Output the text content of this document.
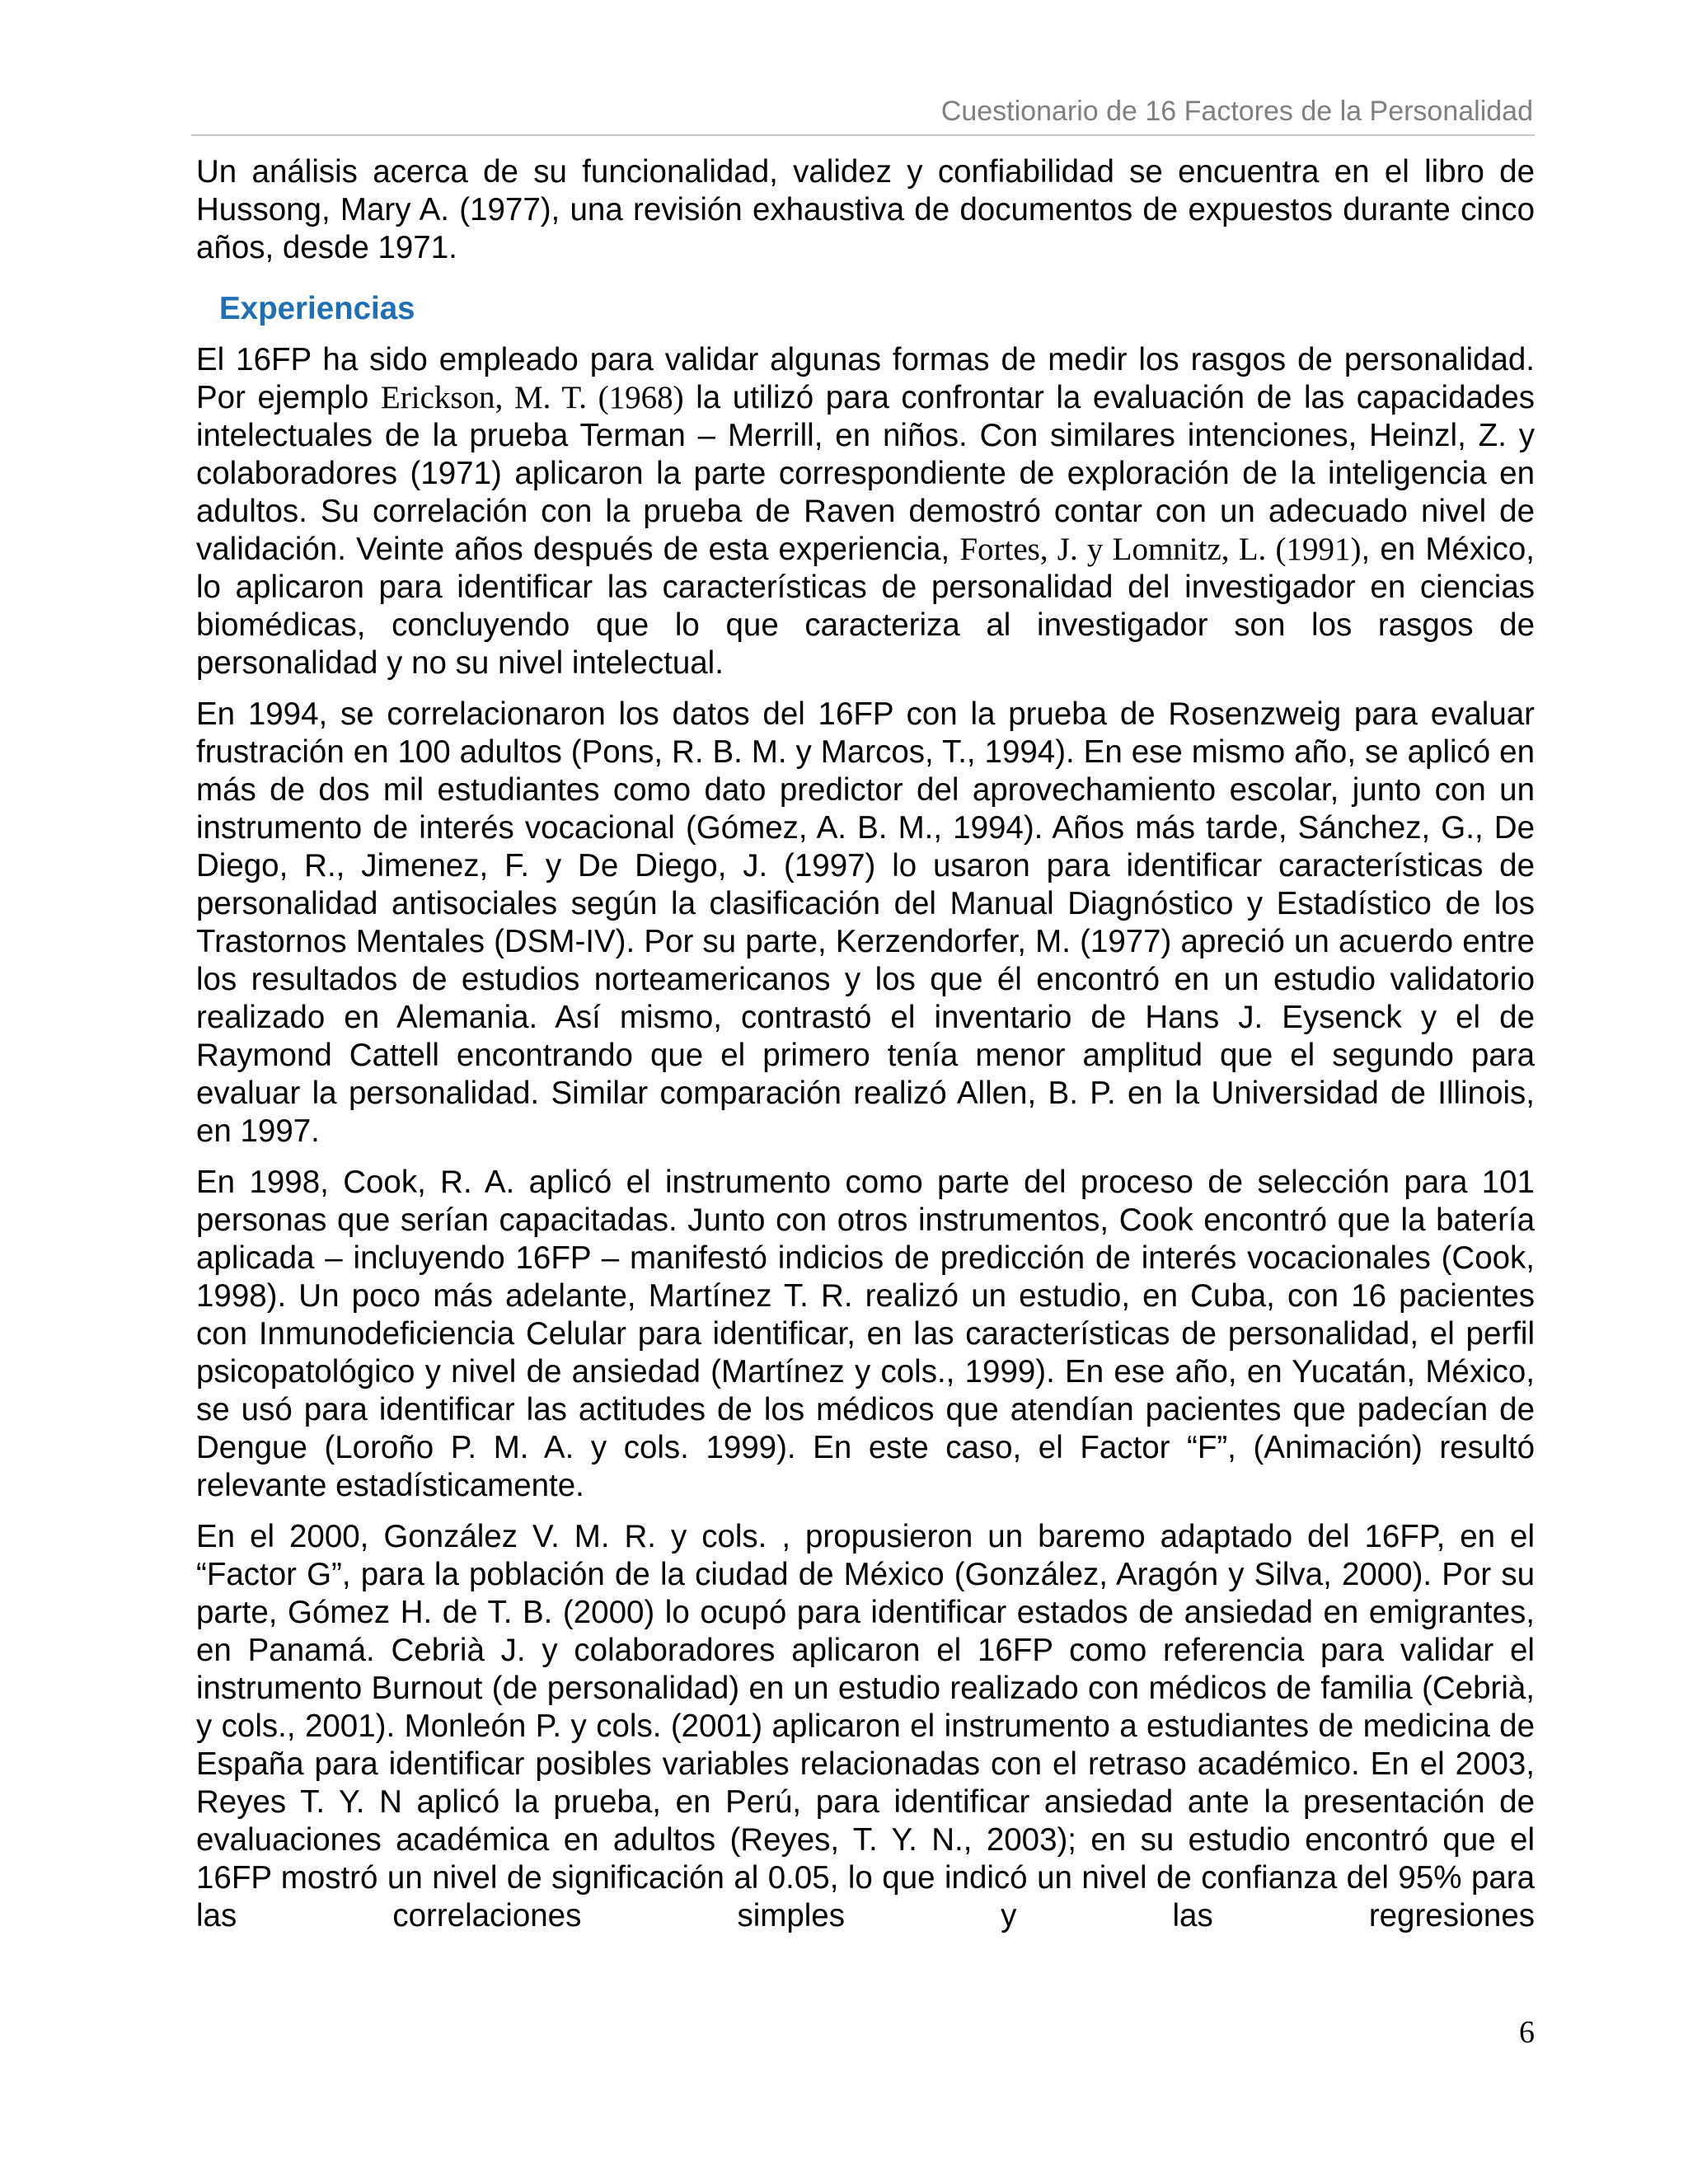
Cuestionario de 16 Factores de la Personalidad

Un análisis acerca de su funcionalidad, validez y confiabilidad se encuentra en el libro de Hussong, Mary A. (1977), una revisión exhaustiva de documentos de expuestos durante cinco años, desde 1971.

Experiencias

El 16FP ha sido empleado para validar algunas formas de medir los rasgos de personalidad. Por ejemplo Erickson, M. T. (1968) la utilizó para confrontar la evaluación de las capacidades intelectuales de la prueba Terman – Merrill, en niños. Con similares intenciones, Heinzl, Z. y colaboradores (1971) aplicaron la parte correspondiente de exploración de la inteligencia en adultos. Su correlación con la prueba de Raven demostró contar con un adecuado nivel de validación. Veinte años después de esta experiencia, Fortes, J. y Lomnitz, L. (1991), en México, lo aplicaron para identificar las características de personalidad del investigador en ciencias biomédicas, concluyendo que lo que caracteriza al investigador son los rasgos de personalidad y no su nivel intelectual.

En 1994, se correlacionaron los datos del 16FP con la prueba de Rosenzweig para evaluar frustración en 100 adultos (Pons, R. B. M. y Marcos, T., 1994). En ese mismo año, se aplicó en más de dos mil estudiantes como dato predictor del aprovechamiento escolar, junto con un instrumento de interés vocacional (Gómez, A. B. M., 1994). Años más tarde, Sánchez, G., De Diego, R., Jimenez, F. y De Diego, J. (1997) lo usaron para identificar características de personalidad antisociales según la clasificación del Manual Diagnóstico y Estadístico de los Trastornos Mentales (DSM-IV). Por su parte, Kerzendorfer, M. (1977) apreció un acuerdo entre los resultados de estudios norteamericanos y los que él encontró en un estudio validatorio realizado en Alemania. Así mismo, contrastó el inventario de Hans J. Eysenck y el de Raymond Cattell encontrando que el primero tenía menor amplitud que el segundo para evaluar la personalidad. Similar comparación realizó Allen, B. P. en la Universidad de Illinois, en 1997.

En 1998, Cook, R. A. aplicó el instrumento como parte del proceso de selección para 101 personas que serían capacitadas. Junto con otros instrumentos, Cook encontró que la batería aplicada – incluyendo 16FP – manifestó indicios de predicción de interés vocacionales (Cook, 1998). Un poco más adelante, Martínez T. R. realizó un estudio, en Cuba, con 16 pacientes con Inmunodeficiencia Celular para identificar, en las características de personalidad, el perfil psicopatológico y nivel de ansiedad (Martínez y cols., 1999). En ese año, en Yucatán, México, se usó para identificar las actitudes de los médicos que atendían pacientes que padecían de Dengue (Loroño P. M. A. y cols. 1999). En este caso, el Factor “F”, (Animación) resultó relevante estadísticamente.

En el 2000, González V. M. R. y cols. , propusieron un baremo adaptado del 16FP, en el “Factor G”, para la población de la ciudad de México (González, Aragón y Silva, 2000). Por su parte, Gómez H. de T. B. (2000) lo ocupó para identificar estados de ansiedad en emigrantes, en Panamá. Cebrià J. y colaboradores aplicaron el 16FP como referencia para validar el instrumento Burnout (de personalidad) en un estudio realizado con médicos de familia (Cebrià, y cols., 2001). Monleón P. y cols. (2001) aplicaron el instrumento a estudiantes de medicina de España para identificar posibles variables relacionadas con el retraso académico. En el 2003, Reyes T. Y. N aplicó la prueba, en Perú, para identificar ansiedad ante la presentación de evaluaciones académica en adultos (Reyes, T. Y. N., 2003); en su estudio encontró que el 16FP mostró un nivel de significación al 0.05, lo que indicó un nivel de confianza del 95% para las correlaciones simples y las regresiones

6
